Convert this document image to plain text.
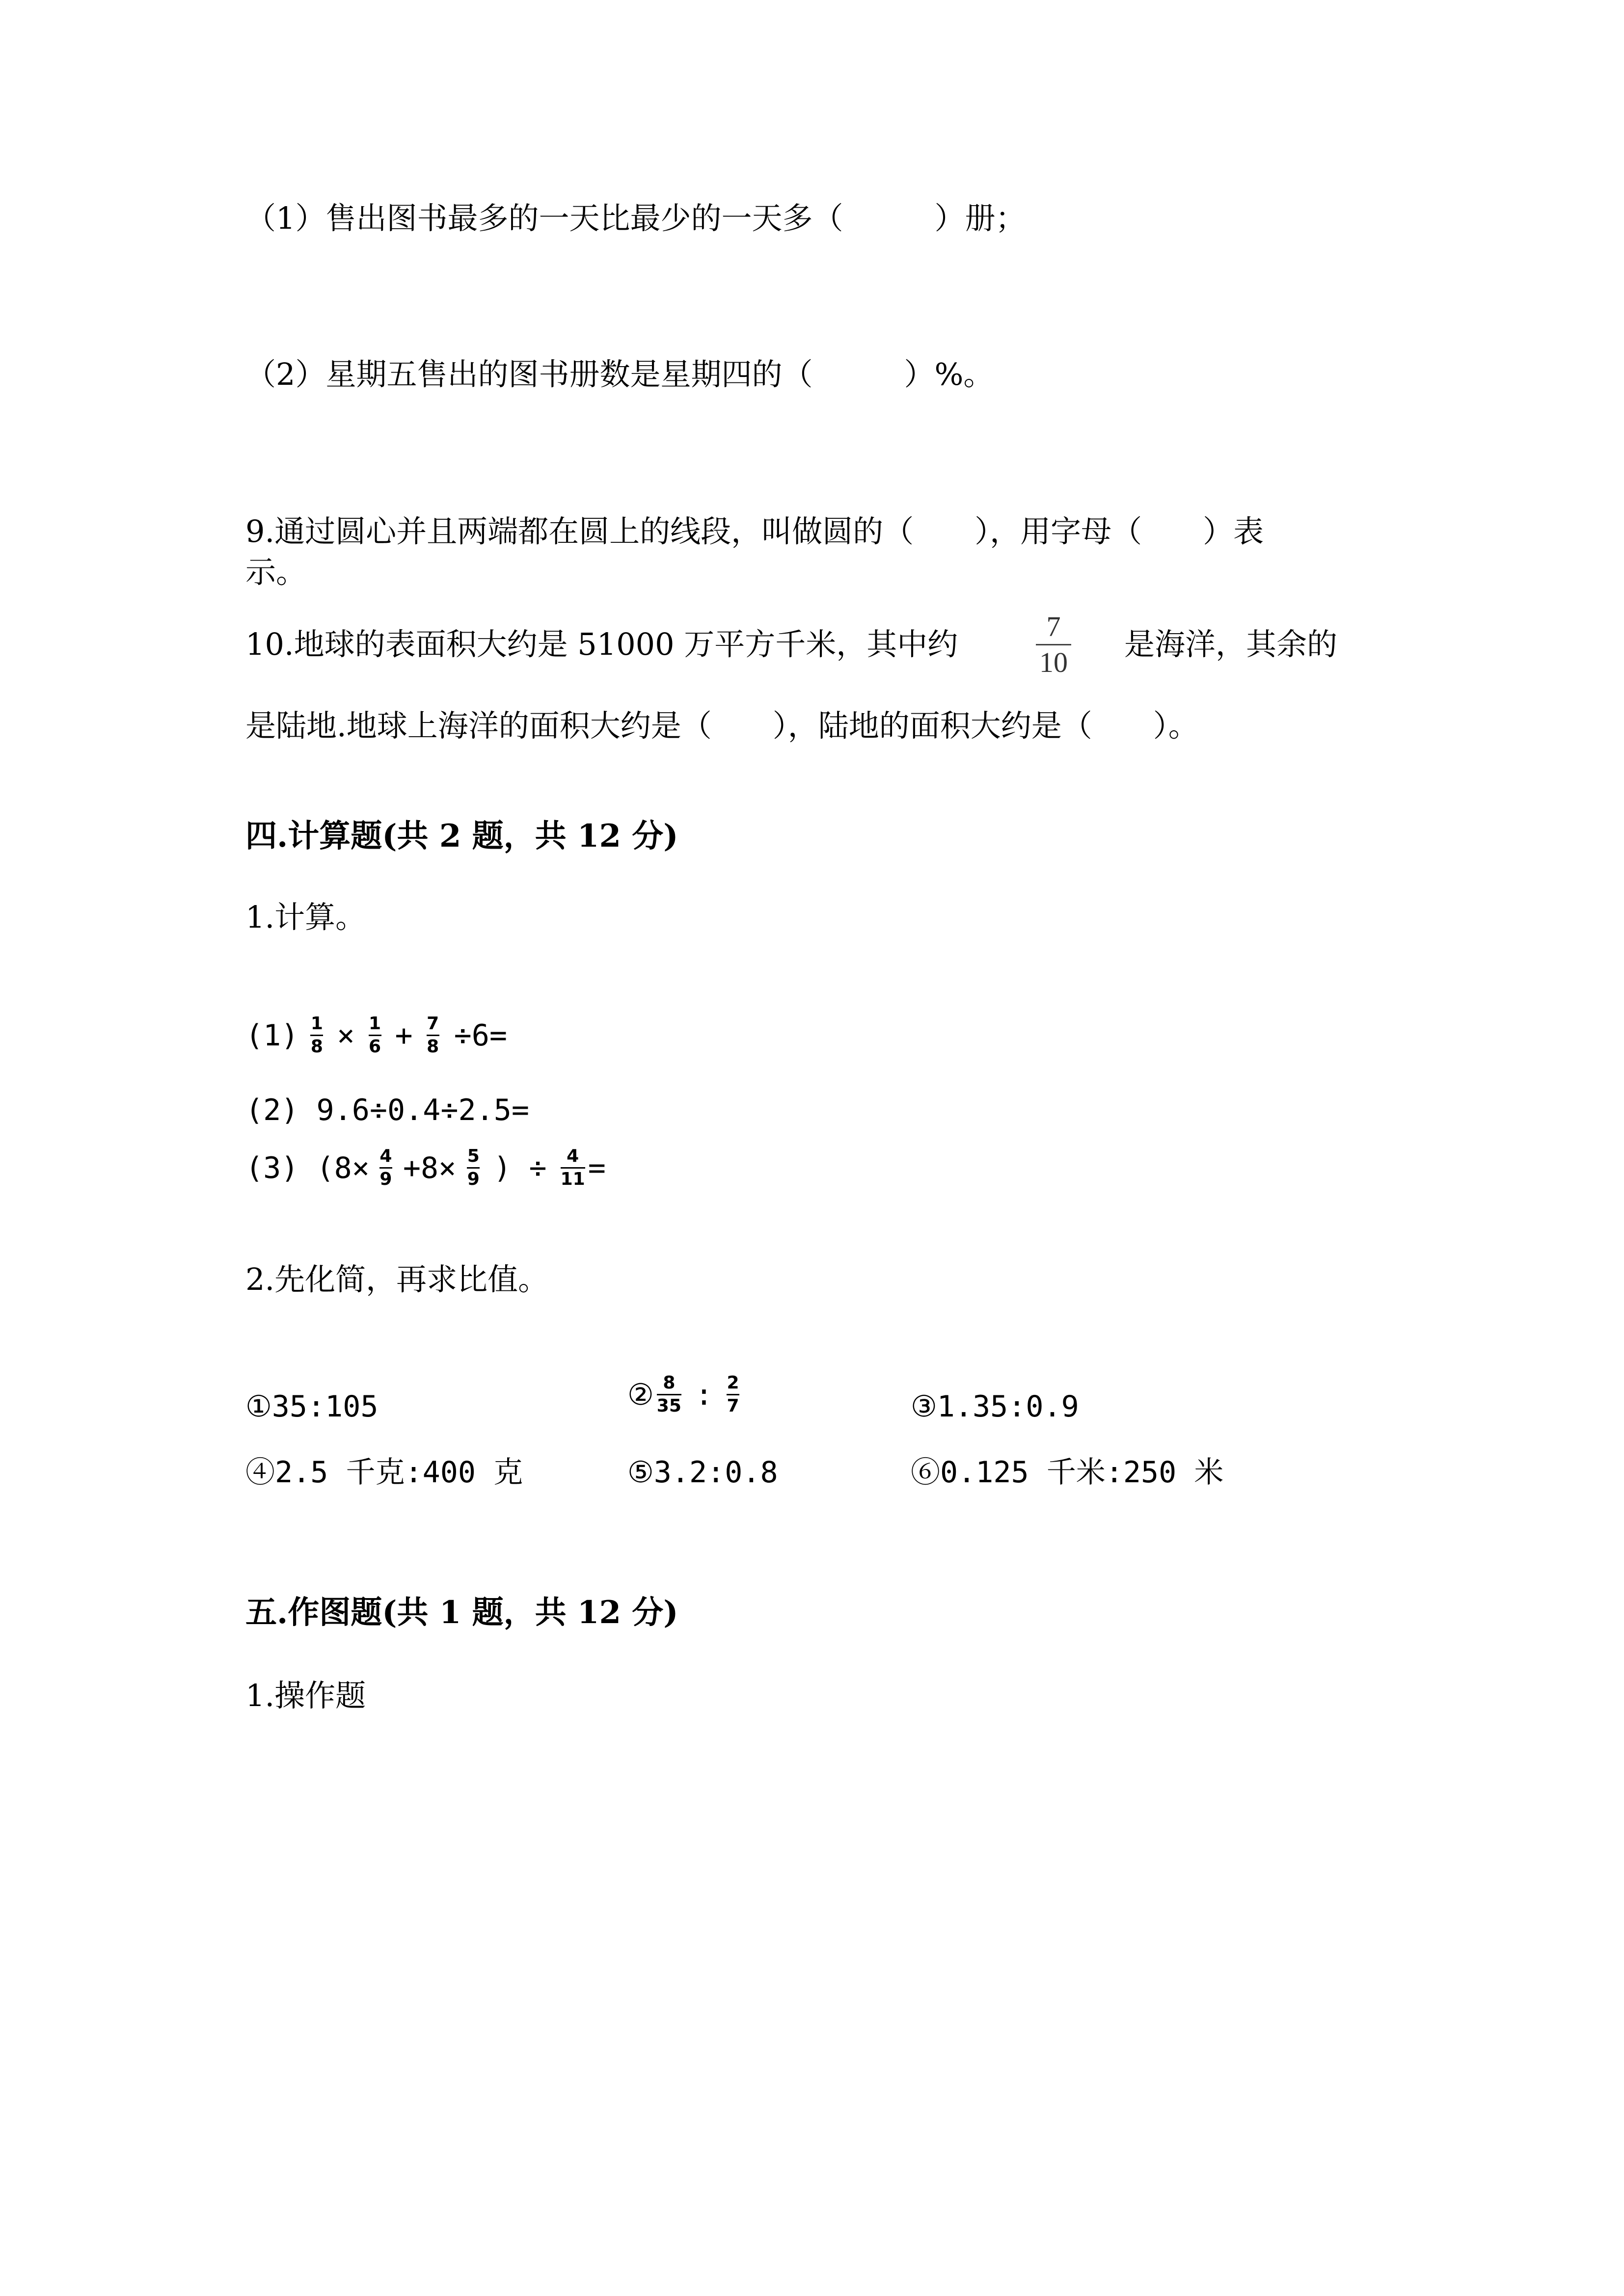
（1）售出图书最多的一天比最少的一天多（　　　）册；
（2）星期五售出的图书册数是星期四的（　　　）%。
9.通过圆心并且两端都在圆上的线段，叫做圆的（　　），用字母（　　）表
示。
10.地球的表面积大约是 51000 万平方千米，其中约	$\frac{7}{10}$ 是海洋，其余的
是陆地.地球上海洋的面积大约是（　　），陆地的面积大约是（　　）。
四.计算题(共 2 题，共 12 分)
1.计算。
$(1) \frac{1}{8} \times \frac{1}{6} + \frac{7}{8} \div 6=$
(2) 9.6÷0.4÷2.5=
(3) ($8\times \frac{4}{9} +8\times \frac{5}{9}$ ) ÷ $\frac{4}{11}$ =
2.先化简，再求比值。
①35:105	② $\frac{8}{35}$ : $\frac{2}{7}$	③1.35:0.9
④2.5 千克:400 克	⑤3.2:0.8	⑥0.125 千米:250 米
五.作图题(共 1 题，共 12 分)
1.操作题
